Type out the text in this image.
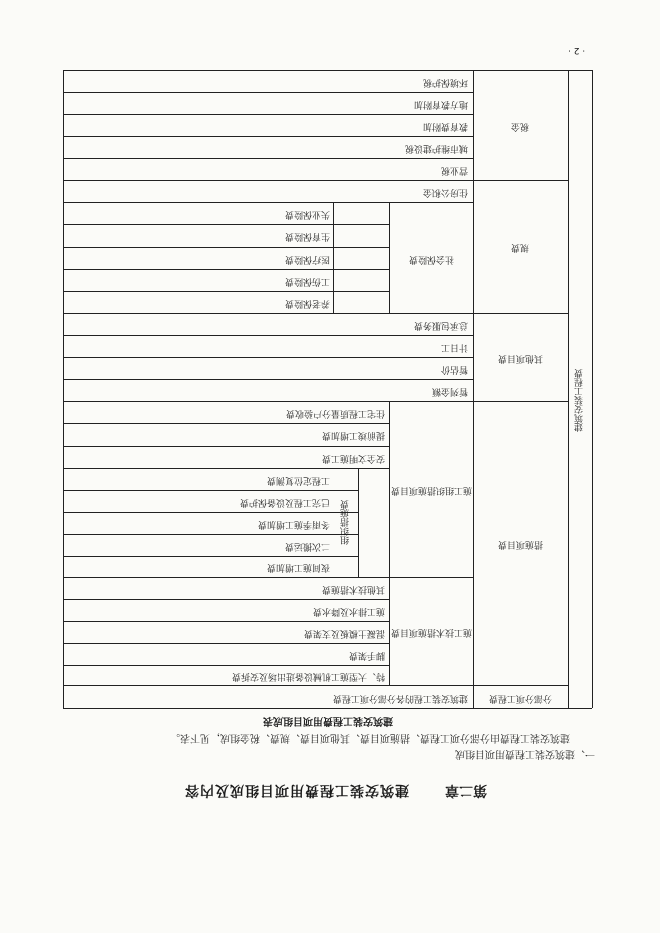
· 2 ·
第二章
建筑安装工程费用项目组成及内容
一、建筑安装工程费用项目组成
建筑安装工程费由分部分项工程费、措施项目费、其他项目费、规费、税金组成，见下表。
建筑安装工程费用项目组成表
建筑安装工程费
分部分项工程费
建筑安装工程的各分部分项工程费
措施项目费
施工技术措施项目费
特、大型施工机械设备进出场及安拆费
脚手架费
混凝土模板及支架费
施工排水及降水费
其他技术措施费
施工组织措施项目费
组织措施费
夜间施工增加费
二次搬运费
冬雨季施工增加费
已完工程及设备保护费
工程定位复测费
安全文明施工费
提前竣工增加费
住宅工程质量分户验收费
其他项目费
暂列金额
暂估价
计日工
总承包服务费
规费
社会保险费
养老保险费
工伤保险费
医疗保险费
生育保险费
失业保险费
住房公积金
税金
营业税
城市维护建设税
教育费附加
地方教育附加
环境保护税
